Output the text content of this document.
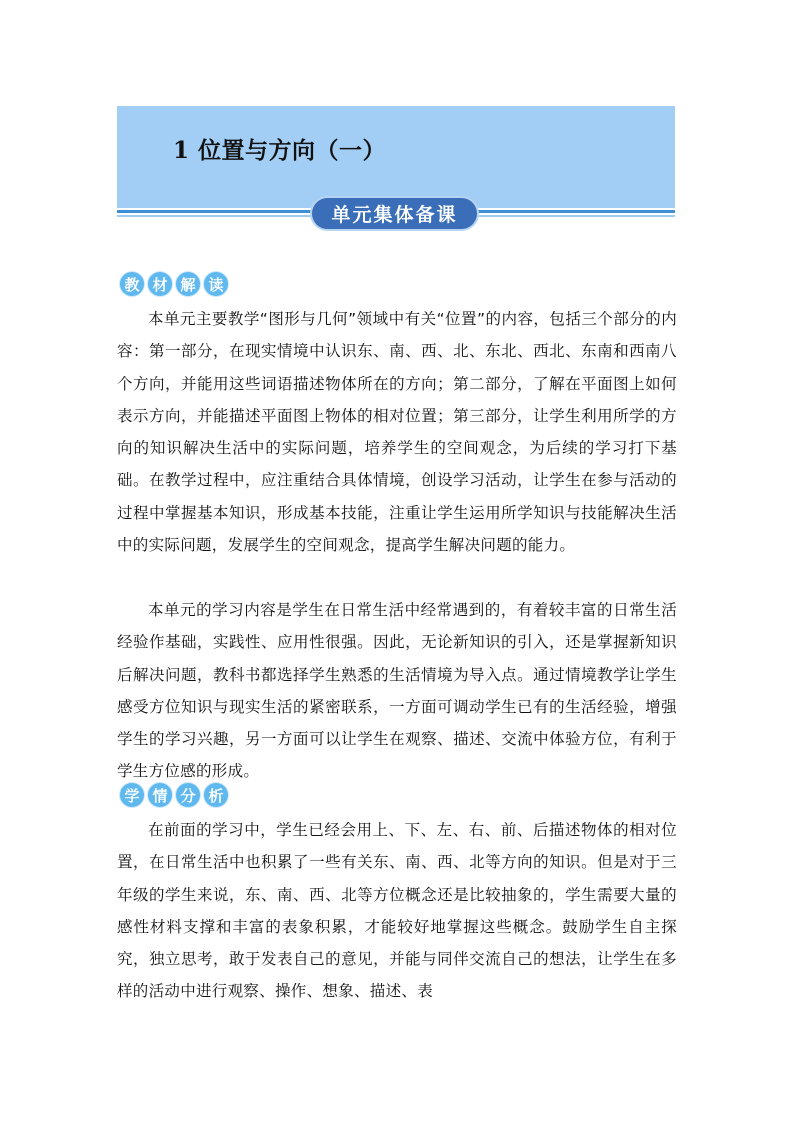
1 位置与方向（一）
单元集体备课
教 材 解 读

本单元主要教学“图形与几何”领域中有关“位置”的内容，包括三个部分的内容：第一部分，在现实情境中认识东、南、西、北、东北、西北、东南和西南八个方向，并能用这些词语描述物体所在的方向；第二部分，了解在平面图上如何表示方向，并能描述平面图上物体的相对位置；第三部分，让学生利用所学的方向的知识解决生活中的实际问题，培养学生的空间观念，为后续的学习打下基础。在教学过程中，应注重结合具体情境，创设学习活动，让学生在参与活动的过程中掌握基本知识，形成基本技能，注重让学生运用所学知识与技能解决生活中的实际问题，发展学生的空间观念，提高学生解决问题的能力。

本单元的学习内容是学生在日常生活中经常遇到的，有着较丰富的日常生活经验作基础，实践性、应用性很强。因此，无论新知识的引入，还是掌握新知识后解决问题，教科书都选择学生熟悉的生活情境为导入点。通过情境教学让学生感受方位知识与现实生活的紧密联系，一方面可调动学生已有的生活经验，增强学生的学习兴趣，另一方面可以让学生在观察、描述、交流中体验方位，有利于学生方位感的形成。

学 情 分 析

在前面的学习中，学生已经会用上、下、左、右、前、后描述物体的相对位置，在日常生活中也积累了一些有关东、南、西、北等方向的知识。但是对于三年级的学生来说，东、南、西、北等方位概念还是比较抽象的，学生需要大量的感性材料支撑和丰富的表象积累，才能较好地掌握这些概念。鼓励学生自主探究，独立思考，敢于发表自己的意见，并能与同伴交流自己的想法，让学生在多样的活动中进行观察、操作、想象、描述、表
